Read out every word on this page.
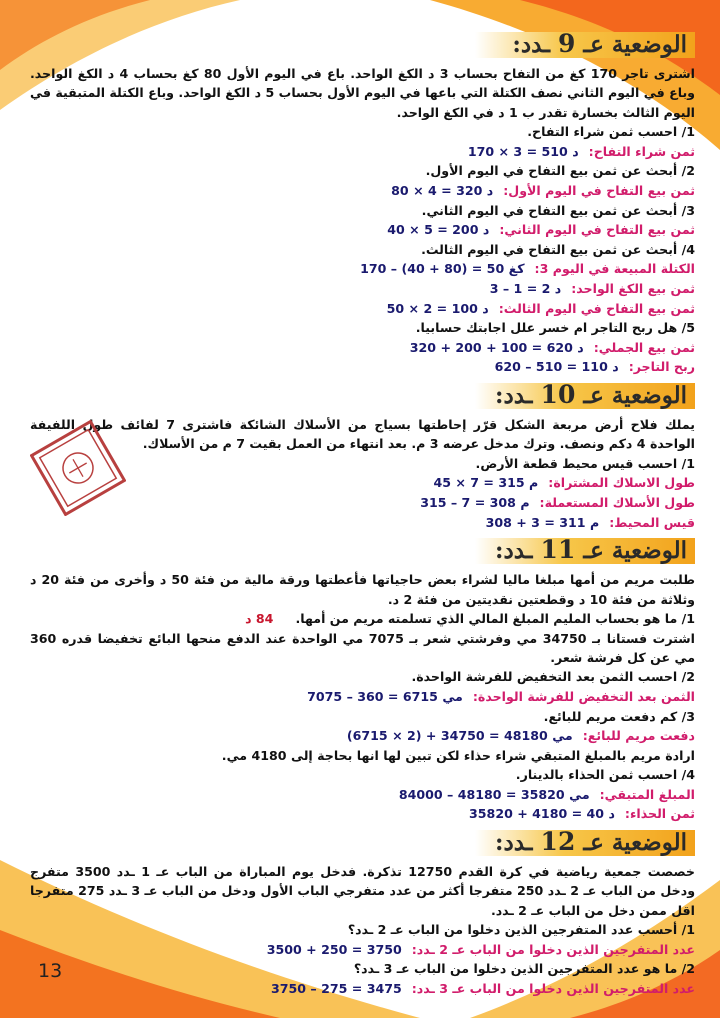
الوضعية عـ9ـدد:

اشترى تاجر 170 كغ من التفاح بحساب 3 د الكغ الواحد. باع في اليوم الأول 80 كغ بحساب 4 د الكغ الواحد. وباع في اليوم الثاني نصف الكتلة التي باعها في اليوم الأول بحساب 5 د الكغ الواحد. وباع الكتلة المتبقية في اليوم الثالث بخسارة تقدر ب 1 د في الكغ الواحد.

1/ احسب ثمن شراء التفاح.

ثمن شراء التفاح:170 × 3 = 510 د

2/ أبحث عن ثمن بيع التفاح في اليوم الأول.

ثمن بيع التفاح في اليوم الأول:80 × 4 = 320 د

3/ أبحث عن ثمن بيع التفاح في اليوم الثاني.

ثمن بيع التفاح في اليوم الثاني:40 × 5 = 200 د

4/ أبحث عن ثمن بيع التفاح في اليوم الثالث.

الكتلة المبيعة في اليوم 3:170 – (40 + 80) = 50 كغ

ثمن بيع الكغ الواحد:3 – 1 = 2 د

ثمن بيع التفاح في اليوم الثالث:50 × 2 = 100 د

5/ هل ربح التاجر ام خسر علل اجابتك حسابيا.

ثمن بيع الجملي:320 + 200 + 100 = 620 د

ربح التاجر:620 – 510 = 110 د

الوضعية عـ10ـدد:

يملك فلاح أرض مربعة الشكل قرّر إحاطتها بسياج من الأسلاك الشائكة فاشترى 7 لفائف طول اللفيفة الواحدة 4 دكم ونصف. وترك مدخل عرضه 3 م. بعد انتهاء من العمل بقيت 7 م من الأسلاك.

1/ احسب قيس محيط قطعة الأرض.

طول الاسلاك المشتراة:45 × 7 = 315 م

طول الأسلاك المستعملة:315 – 7 = 308 م

قيس المحيط:308 + 3 = 311 م

الوضعية عـ11ـدد:

طلبت مريم من أمها مبلغا ماليا لشراء بعض حاجياتها فأعطتها ورقة مالية من فئة 50 د وأخرى من فئة 20 د وثلاثة من فئة 10 د وقطعتين نقديتين من فئة 2 د.

1/ ما هو بحساب المليم المبلغ المالي الذي تسلمته مريم من أمها.84 د

اشترت فستانا بـ 34750 مي وفرشتي شعر بـ 7075 مي الواحدة عند الدفع منحها البائع تخفيضا قدره 360 مي عن كل فرشة شعر.

2/ احسب الثمن بعد التخفيض للفرشة الواحدة.

الثمن بعد التخفيض للفرشة الواحدة:7075 – 360 = 6715 مي

3/ كم دفعت مريم للبائع.

دفعت مريم للبائع:(6715 × 2) + 34750 = 48180 مي

ارادة مريم بالمبلغ المتبقي شراء حذاء لكن تبين لها انها بحاجة إلى 4180 مي.

4/ احسب ثمن الحذاء بالدينار.

المبلغ المتبقي:84000 – 48180 = 35820 مي

ثمن الحذاء:35820 + 4180 = 40 د

الوضعية عـ12ـدد:

خصصت جمعية رياضية في كرة القدم 12750 تذكرة. فدخل يوم المباراة من الباب عـ 1 ـدد 3500 متفرج ودخل من الباب عـ 2 ـدد 250 متفرجا أكثر من عدد متفرجي الباب الأول ودخل من الباب عـ 3 ـدد 275 متفرجا اقل ممن دخل من الباب عـ 2 ـدد.

1/ أحسب عدد المتفرجين الذين دخلوا من الباب عـ 2 ـدد؟

عدد المتفرجين الذين دخلوا من الباب عـ 2 ـدد:3500 + 250 = 3750

2/ ما هو عدد المتفرجين الذين دخلوا من الباب عـ 3 ـدد؟

عدد المتفرجين الذين دخلوا من الباب عـ 3 ـدد:3750 – 275 = 3475

13
